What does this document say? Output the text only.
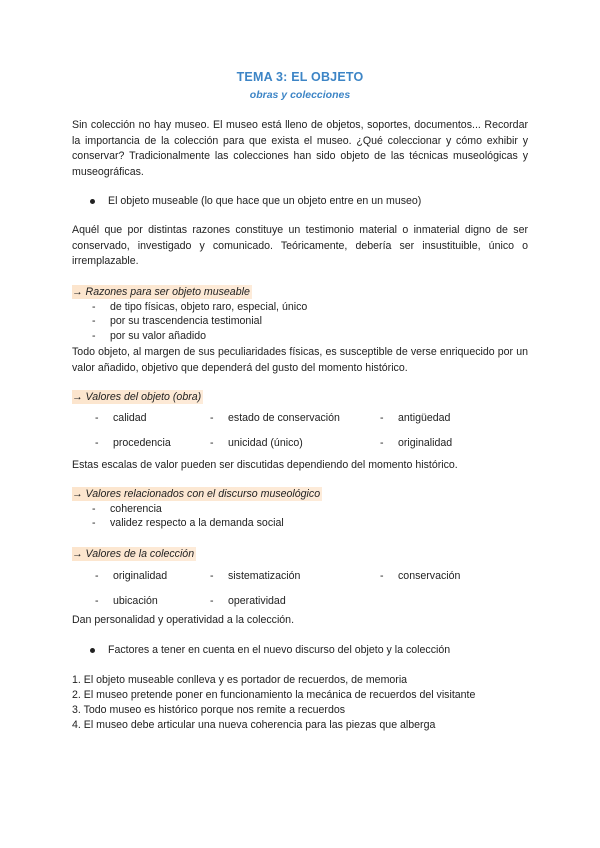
TEMA 3: EL OBJETO
obras y colecciones

Sin colección no hay museo. El museo está lleno de objetos, soportes, documentos... Recordar la importancia de la colección para que exista el museo. ¿Qué coleccionar y cómo exhibir y conservar? Tradicionalmente las colecciones han sido objeto de las técnicas museológicas y museográficas.

El objeto museable (lo que hace que un objeto entre en un museo)

Aquél que por distintas razones constituye un testimonio material o inmaterial digno de ser conservado, investigado y comunicado. Teóricamente, debería ser insustituible, único o irremplazable.

→ Razones para ser objeto museable
- de tipo físicas, objeto raro, especial, único
- por su trascendencia testimonial
- por su valor añadido

Todo objeto, al margen de sus peculiaridades físicas, es susceptible de verse enriquecido por un valor añadido, objetivo que dependerá del gusto del momento histórico.

→ Valores del objeto (obra)
- calidad	- estado de conservación	- antigüedad
- procedencia	- unicidad (único)	- originalidad
Estas escalas de valor pueden ser discutidas dependiendo del momento histórico.
→ Valores relacionados con el discurso museológico
- coherencia
- validez respecto a la demanda social
→ Valores de la colección
- originalidad	- sistematización	- conservación
- ubicación	- operatividad
Dan personalidad y operatividad a la colección.
Factores a tener en cuenta en el nuevo discurso del objeto y la colección
1. El objeto museable conlleva y es portador de recuerdos, de memoria
2. El museo pretende poner en funcionamiento la mecánica de recuerdos del visitante
3. Todo museo es histórico porque nos remite a recuerdos
4. El museo debe articular una nueva coherencia para las piezas que alberga
